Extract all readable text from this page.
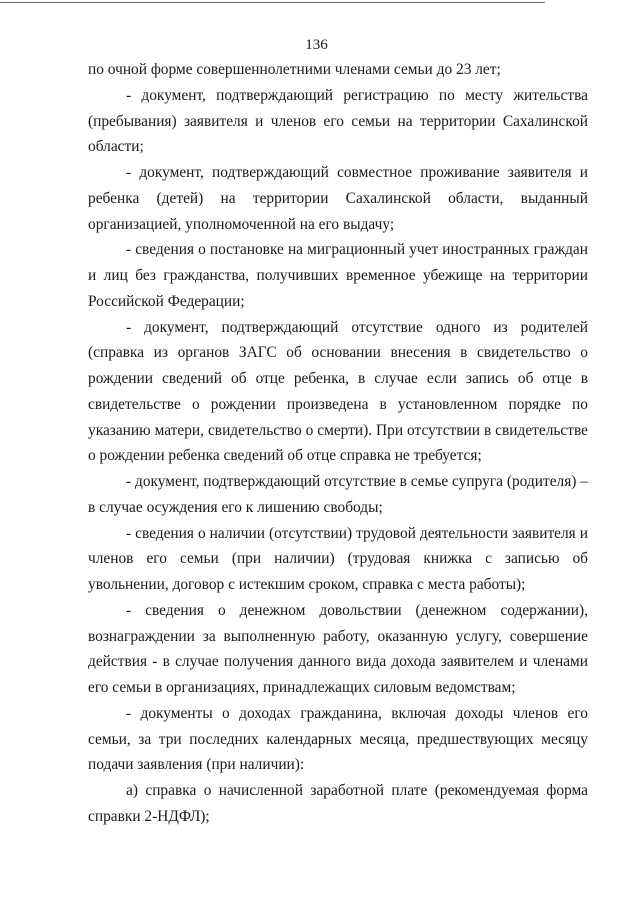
136

по очной форме совершеннолетними членами семьи до 23 лет;

- документ, подтверждающий регистрацию по месту жительства (пребывания) заявителя и членов его семьи на территории Сахалинской области;

- документ, подтверждающий совместное проживание заявителя и ребенка (детей) на территории Сахалинской области, выданный организацией, уполномоченной на его выдачу;

- сведения о постановке на миграционный учет иностранных граждан и лиц без гражданства, получивших временное убежище на территории Российской Федерации;

- документ, подтверждающий отсутствие одного из родителей (справка из органов ЗАГС об основании внесения в свидетельство о рождении сведений об отце ребенка, в случае если запись об отце в свидетельстве о рождении произведена в установленном порядке по указанию матери, свидетельство о смерти). При отсутствии в свидетельстве о рождении ребенка сведений об отце справка не требуется;

- документ, подтверждающий отсутствие в семье супруга (родителя) – в случае осуждения его к лишению свободы;

- сведения о наличии (отсутствии) трудовой деятельности заявителя и членов его семьи (при наличии) (трудовая книжка с записью об увольнении, договор с истекшим сроком, справка с места работы);

- сведения о денежном довольствии (денежном содержании), вознаграждении за выполненную работу, оказанную услугу, совершение действия - в случае получения данного вида дохода заявителем и членами его семьи в организациях, принадлежащих силовым ведомствам;

- документы о доходах гражданина, включая доходы членов его семьи, за три последних календарных месяца, предшествующих месяцу подачи заявления (при наличии):

а) справка о начисленной заработной плате (рекомендуемая форма справки 2-НДФЛ);
